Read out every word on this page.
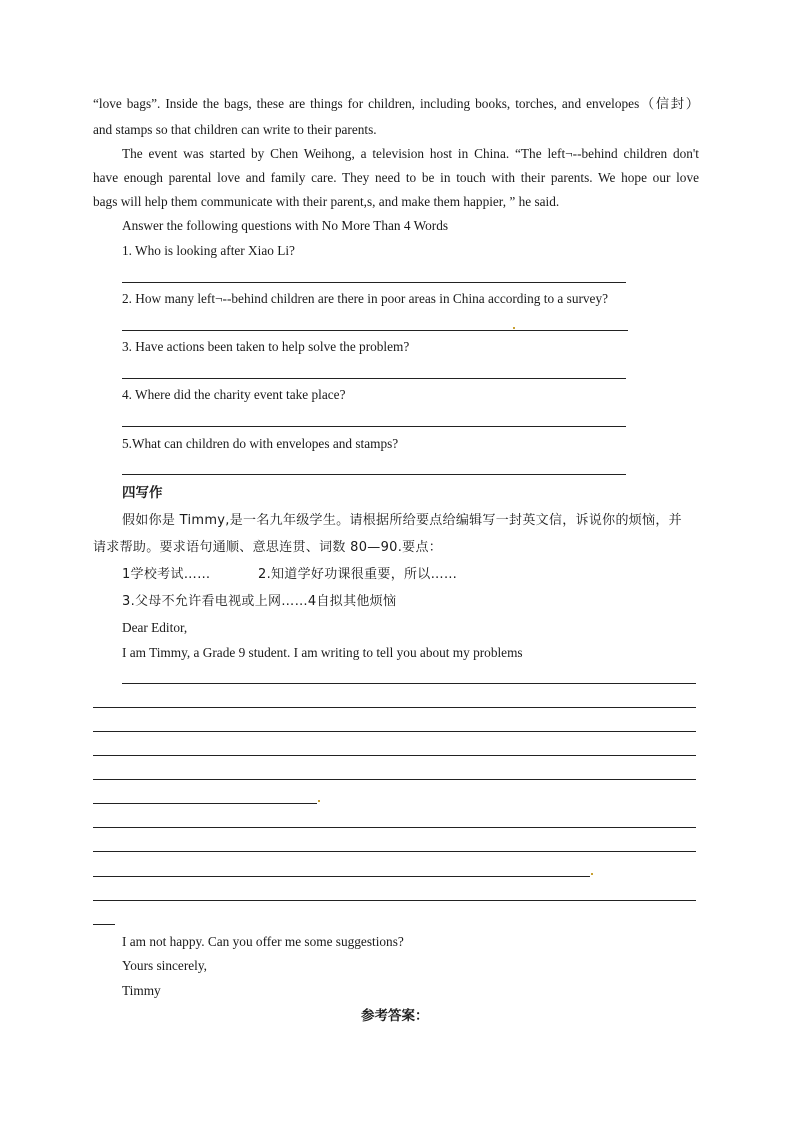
“love bags”. Inside the bags, these are things for children, including books, torches, and envelopes（信封）
and stamps so that children can write to their parents.
The event was started by Chen Weihong, a television host in China. “The left¬--behind children don't
have enough parental love and family care. They need to be in touch with their parents. We hope our love
bags will help them communicate with their parent,s, and make them happier, ” he said.
Answer the following questions with No More Than 4 Words
1. Who is looking after Xiao Li?
2. How many left¬--behind children are there in poor areas in China according to a survey?
3. Have actions been taken to help solve the problem?
4. Where did the charity event take place?
5.What can children do with envelopes and stamps?
四写作
假如你是 Timmy,是一名九年级学生。请根据所给要点给编辑写一封英文信，诉说你的烦恼，并
请求帮助。要求语句通顺、意思连贯、词数 80—90.要点：
1学校考试……	2.知道学好功课很重要，所以……
3.父母不允许看电视或上网……4自拟其他烦恼
Dear Editor,
I am Timmy, a Grade 9 student. I am writing to tell you about my problems
I am not happy. Can you offer me some suggestions?
Yours sincerely,
Timmy
参考答案：
